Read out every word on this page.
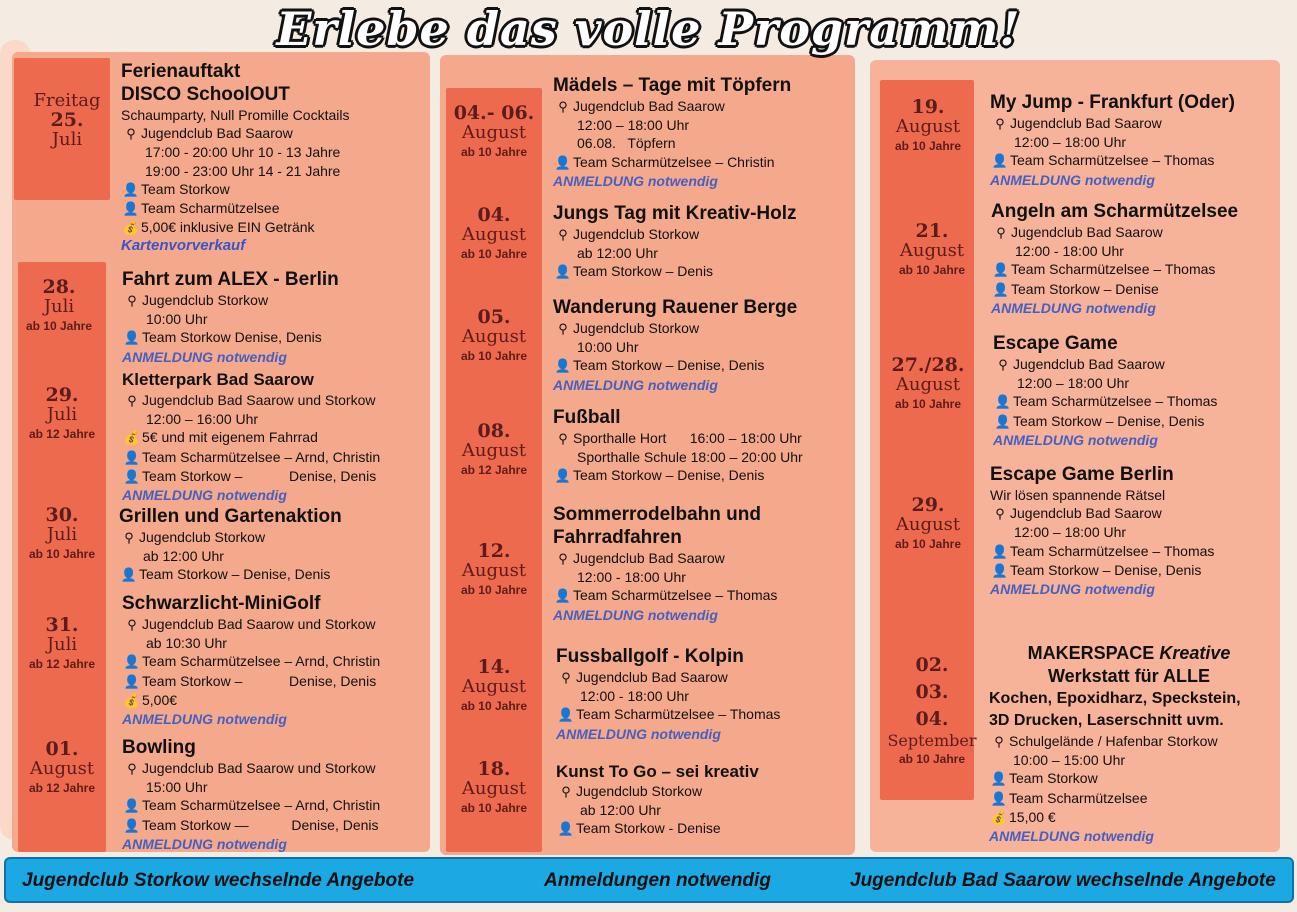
Erlebe das volle Programm!
Freitag
25.
Juli
Ferienauftakt
DISCO SchoolOUT
Schaumparty, Null Promille Cocktails
⚲ Jugendclub Bad Saarow
17:00 - 20:00 Uhr 10 - 13 Jahre
19:00 - 23:00 Uhr 14 - 21 Jahre
👤 Team Storkow
👤 Team Scharmützelsee
💰 5,00€ inklusive EIN Getränk
Kartenvorverkauf
28.
Juli
ab 10 Jahre
Fahrt zum ALEX - Berlin
⚲ Jugendclub Storkow
10:00 Uhr
👤 Team Storkow Denise, Denis
ANMELDUNG notwendig
29.
Juli
ab 12 Jahre
Kletterpark Bad Saarow
⚲ Jugendclub Bad Saarow und Storkow
12:00 – 16:00 Uhr
💰 5€ und mit eigenem Fahrrad
👤 Team Scharmützelsee – Arnd, Christin
👤 Team Storkow –            Denise, Denis
ANMELDUNG notwendig
30.
Juli
ab 10 Jahre
Grillen und Gartenaktion
⚲ Jugendclub Storkow
ab 12:00 Uhr
👤 Team Storkow – Denise, Denis
31.
Juli
ab 12 Jahre
Schwarzlicht-MiniGolf
⚲ Jugendclub Bad Saarow und Storkow
ab 10:30 Uhr
👤 Team Scharmützelsee – Arnd, Christin
👤 Team Storkow –            Denise, Denis
💰 5,00€
ANMELDUNG notwendig
01.
August
ab 12 Jahre
Bowling
⚲ Jugendclub Bad Saarow und Storkow
15:00 Uhr
👤 Team Scharmützelsee – Arnd, Christin
👤 Team Storkow —           Denise, Denis
ANMELDUNG notwendig
04.- 06.
August
ab 10 Jahre
Mädels – Tage mit Töpfern
⚲ Jugendclub Bad Saarow
12:00 – 18:00 Uhr
06.08.   Töpfern
👤 Team Scharmützelsee – Christin
ANMELDUNG notwendig
04.
August
ab 10 Jahre
Jungs Tag mit Kreativ-Holz
⚲ Jugendclub Storkow
ab 12:00 Uhr
👤 Team Storkow – Denis
05.
August
ab 10 Jahre
Wanderung Rauener Berge
⚲ Jugendclub Storkow
10:00 Uhr
👤 Team Storkow – Denise, Denis
ANMELDUNG notwendig
08.
August
ab 12 Jahre
Fußball
⚲ Sporthalle Hort      16:00 – 18:00 Uhr
Sporthalle Schule 18:00 – 20:00 Uhr
👤 Team Storkow – Denise, Denis
12.
August
ab 10 Jahre
Sommerrodelbahn und
Fahrradfahren
⚲ Jugendclub Bad Saarow
12:00 - 18:00 Uhr
👤 Team Scharmützelsee – Thomas
ANMELDUNG notwendig
14.
August
ab 10 Jahre
Fussballgolf - Kolpin
⚲ Jugendclub Bad Saarow
12:00 - 18:00 Uhr
👤 Team Scharmützelsee – Thomas
ANMELDUNG notwendig
18.
August
ab 10 Jahre
Kunst To Go – sei kreativ
⚲ Jugendclub Storkow
ab 12:00 Uhr
👤 Team Storkow - Denise
19.
August
ab 10 Jahre
My Jump - Frankfurt (Oder)
⚲ Jugendclub Bad Saarow
12:00 – 18:00 Uhr
👤 Team Scharmützelsee – Thomas
ANMELDUNG notwendig
21.
August
ab 10 Jahre
Angeln am Scharmützelsee
⚲ Jugendclub Bad Saarow
12:00 - 18:00 Uhr
👤 Team Scharmützelsee – Thomas
👤 Team Storkow – Denise
ANMELDUNG notwendig
27./28.
August
ab 10 Jahre
Escape Game
⚲ Jugendclub Bad Saarow
12:00 – 18:00 Uhr
👤 Team Scharmützelsee – Thomas
👤 Team Storkow – Denise, Denis
ANMELDUNG notwendig
29.
August
ab 10 Jahre
Escape Game Berlin
Wir lösen spannende Rätsel
⚲ Jugendclub Bad Saarow
12:00 – 18:00 Uhr
👤 Team Scharmützelsee – Thomas
👤 Team Storkow – Denise, Denis
ANMELDUNG notwendig
02.
03.
04.
September
ab 10 Jahre
MAKERSPACE Kreative
Werkstatt für ALLE
Kochen, Epoxidharz, Speckstein,
3D Drucken, Laserschnitt uvm.
⚲ Schulgelände / Hafenbar Storkow
10:00 – 15:00 Uhr
👤 Team Storkow
👤 Team Scharmützelsee
💰 15,00 €
ANMELDUNG notwendig
Jugendclub Storkow wechselnde Angebote	Anmeldungen notwendig	Jugendclub Bad Saarow wechselnde Angebote
